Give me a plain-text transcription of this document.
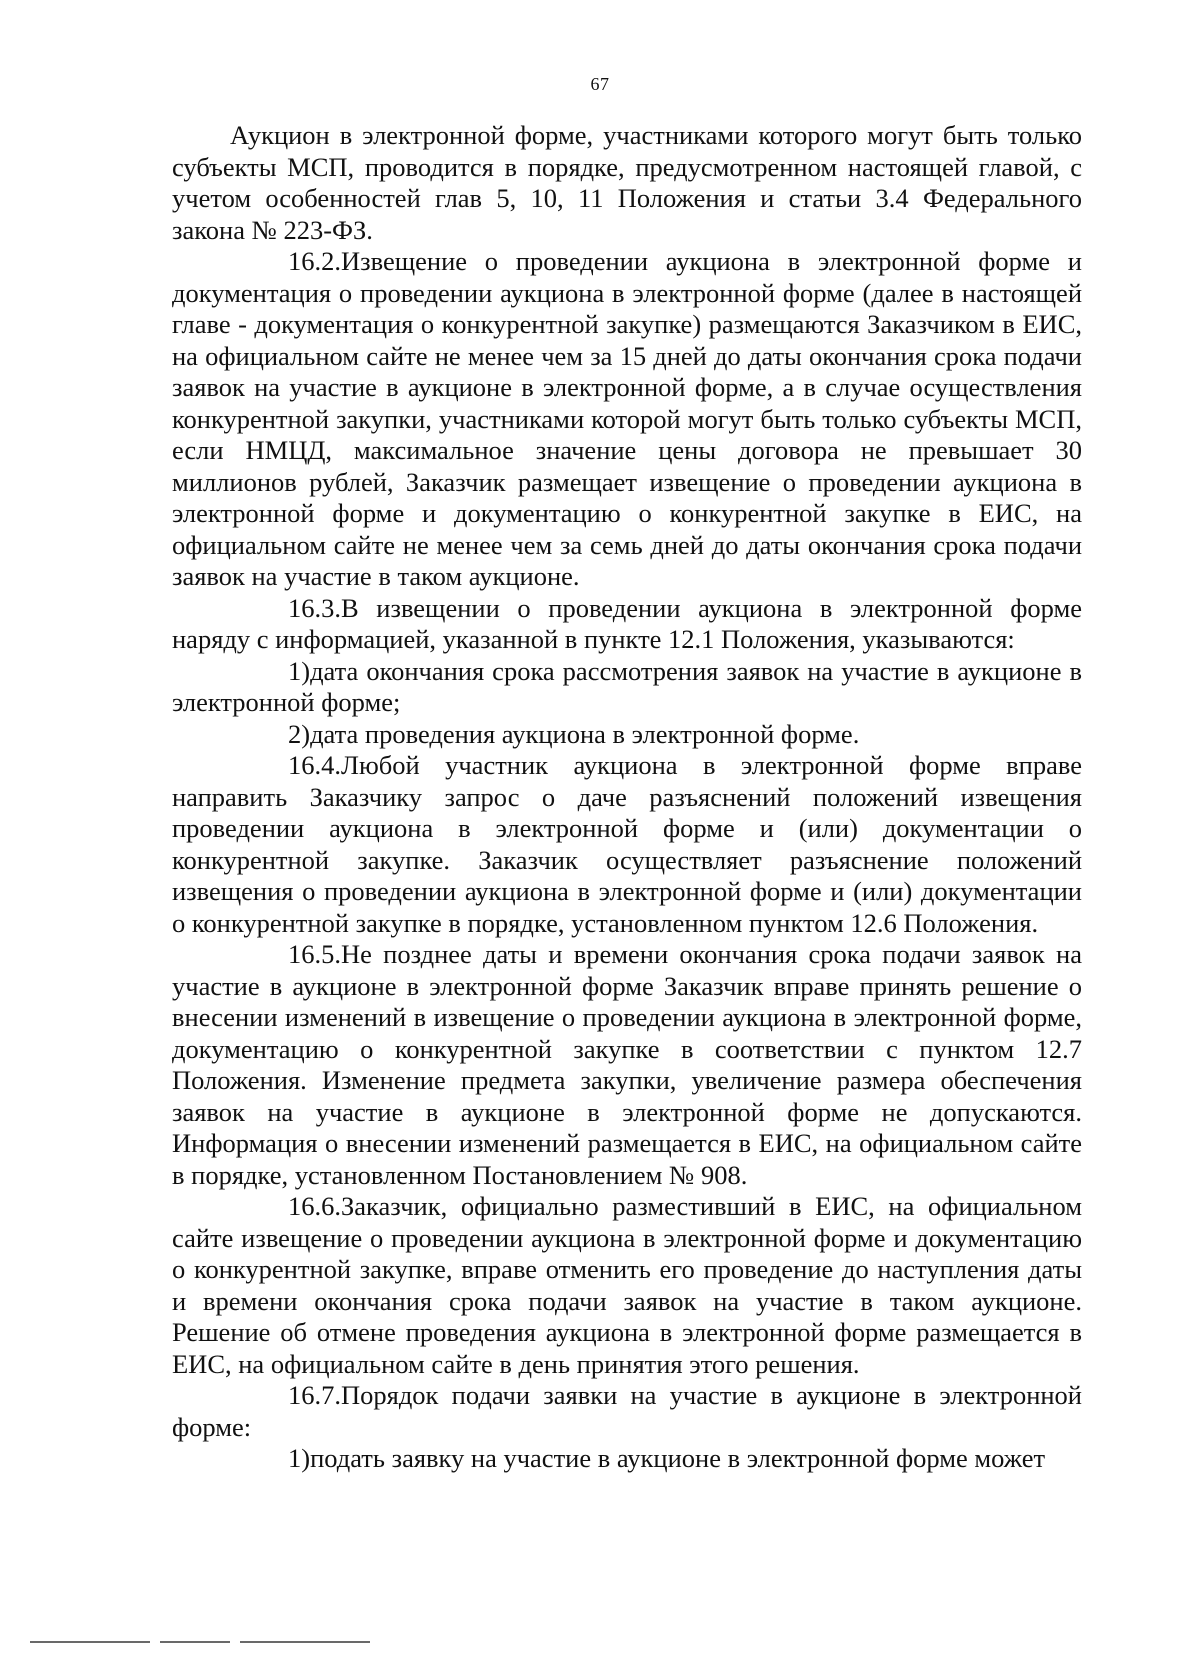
67

Аукцион в электронной форме, участниками которого могут быть только субъекты МСП, проводится в порядке, предусмотренном настоящей главой, с учетом особенностей глав 5, 10, 11 Положения и статьи 3.4 Федерального закона № 223-ФЗ.

16.2.Извещение о проведении аукциона в электронной форме и документация о проведении аукциона в электронной форме (далее в настоящей главе - документация о конкурентной закупке) размещаются Заказчиком в ЕИС, на официальном сайте не менее чем за 15 дней до даты окончания срока подачи заявок на участие в аукционе в электронной форме, а в случае осуществления конкурентной закупки, участниками которой могут быть только субъекты МСП, если НМЦД, максимальное значение цены договора не превышает 30 миллионов рублей, Заказчик размещает извещение о проведении аукциона в электронной форме и документацию о конкурентной закупке в ЕИС, на официальном сайте не менее чем за семь дней до даты окончания срока подачи заявок на участие в таком аукционе.

16.3.В извещении о проведении аукциона в электронной форме наряду с информацией, указанной в пункте 12.1 Положения, указываются:

1)дата окончания срока рассмотрения заявок на участие в аукционе в электронной форме;

2)дата проведения аукциона в электронной форме.

16.4.Любой участник аукциона в электронной форме вправе направить Заказчику запрос о даче разъяснений положений извещения проведении аукциона в электронной форме и (или) документации о конкурентной закупке. Заказчик осуществляет разъяснение положений извещения о проведении аукциона в электронной форме и (или) документации о конкурентной закупке в порядке, установленном пунктом 12.6 Положения.

16.5.Не позднее даты и времени окончания срока подачи заявок на участие в аукционе в электронной форме Заказчик вправе принять решение о внесении изменений в извещение о проведении аукциона в электронной форме, документацию о конкурентной закупке в соответствии с пунктом 12.7 Положения. Изменение предмета закупки, увеличение размера обеспечения заявок на участие в аукционе в электронной форме не допускаются. Информация о внесении изменений размещается в ЕИС, на официальном сайте в порядке, установленном Постановлением № 908.

16.6.Заказчик, официально разместивший в ЕИС, на официальном сайте извещение о проведении аукциона в электронной форме и документацию о конкурентной закупке, вправе отменить его проведение до наступления даты и времени окончания срока подачи заявок на участие в таком аукционе. Решение об отмене проведения аукциона в электронной форме размещается в ЕИС, на официальном сайте в день принятия этого решения.

16.7.Порядок подачи заявки на участие в аукционе в электронной форме:

1)подать заявку на участие в аукционе в электронной форме может
